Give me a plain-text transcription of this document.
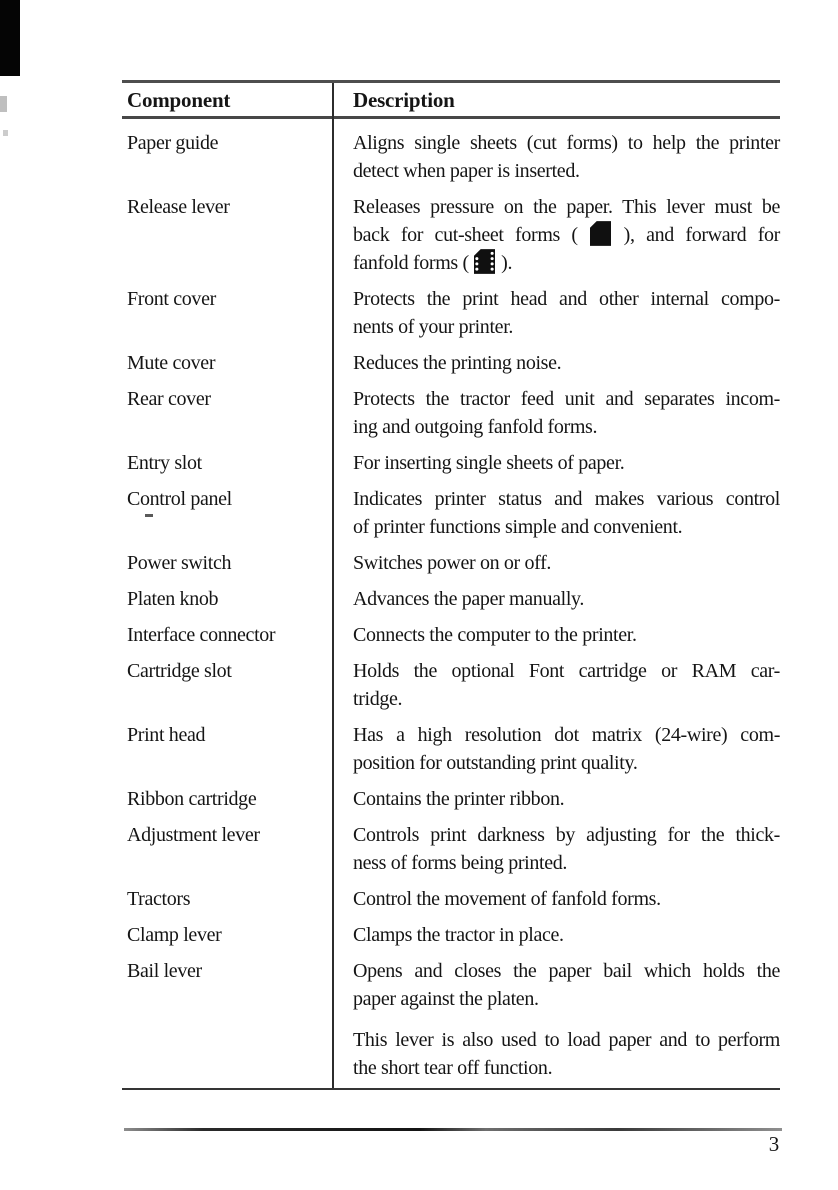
Component	Description
Paper guide	Aligns single sheets (cut forms) to help the printer
detect when paper is inserted.
Release lever	Releases pressure on the paper. This lever must be
back for cut-sheet forms (  ), and forward for
fanfold forms (  ).
Front cover	Protects the print head and other internal compo-
nents of your printer.
Mute cover	Reduces the printing noise.
Rear cover	Protects the tractor feed unit and separates incom-
ing and outgoing fanfold forms.
Entry slot	For inserting single sheets of paper.
Control panel	Indicates printer status and makes various control
of printer functions simple and convenient.
Power switch	Switches power on or off.
Platen knob	Advances the paper manually.
Interface connector	Connects the computer to the printer.
Cartridge slot	Holds the optional Font cartridge or RAM car-
tridge.
Print head	Has a high resolution dot matrix (24-wire) com-
position for outstanding print quality.
Ribbon cartridge	Contains the printer ribbon.
Adjustment lever	Controls print darkness by adjusting for the thick-
ness of forms being printed.
Tractors	Control the movement of fanfold forms.
Clamp lever	Clamps the tractor in place.
Bail lever	Opens and closes the paper bail which holds the
paper against the platen.
This lever is also used to load paper and to perform
the short tear off function.
3
